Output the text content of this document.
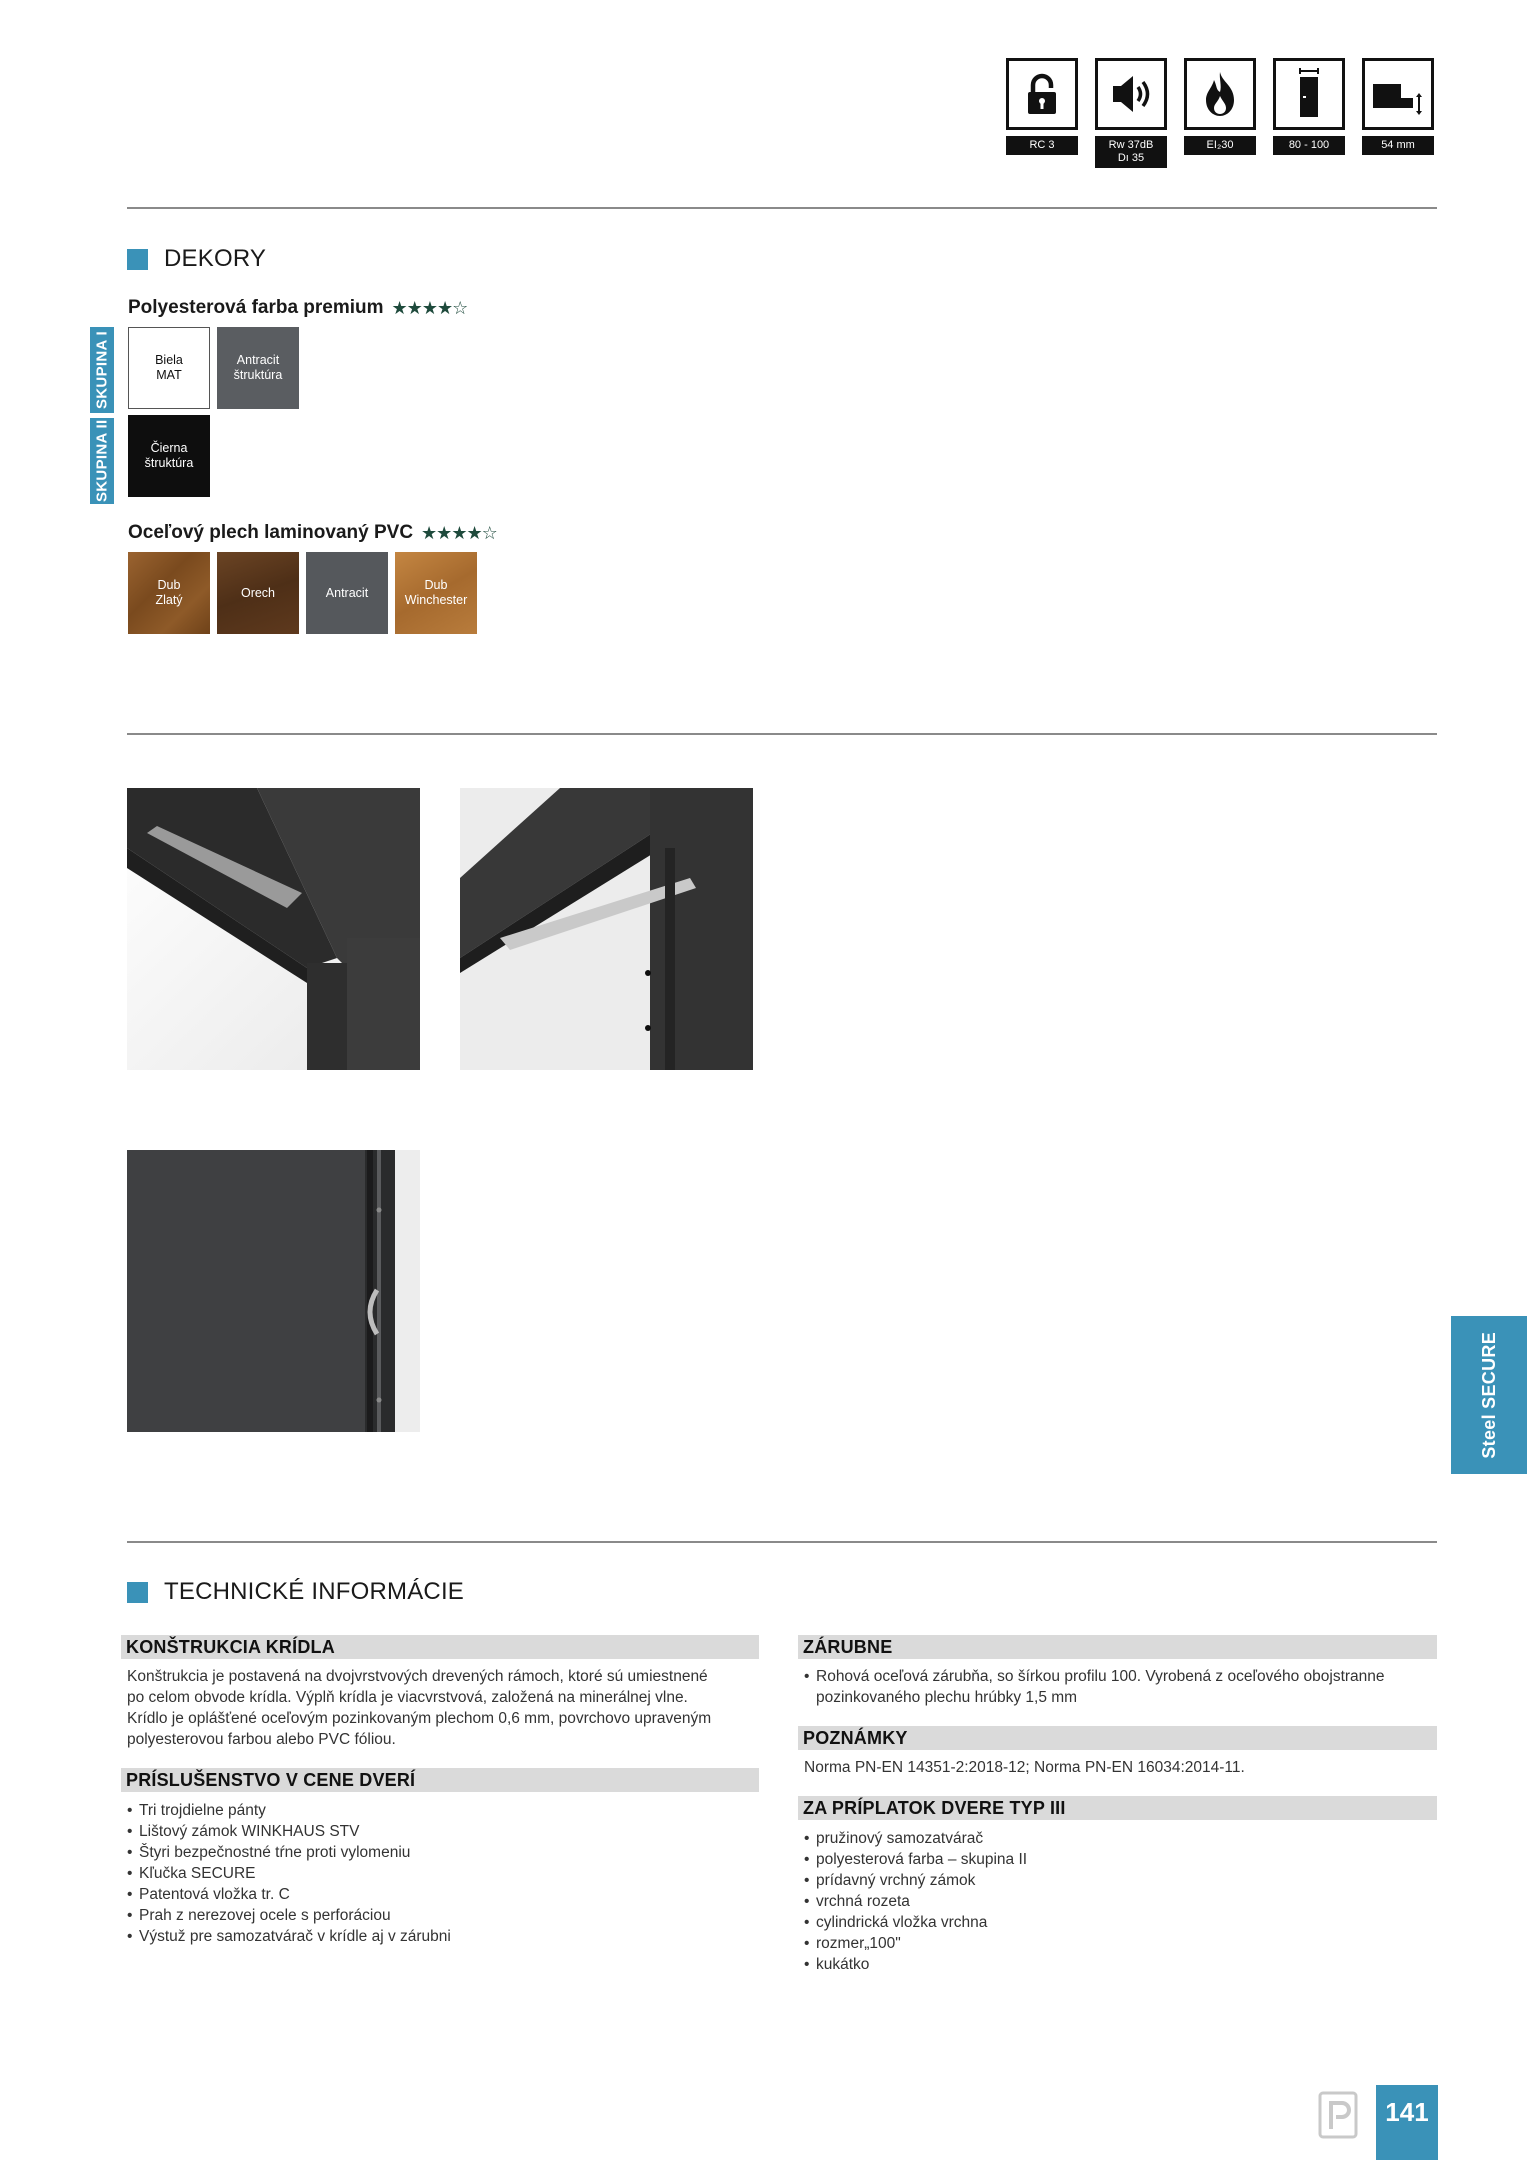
RC 3	Rw 37dB
Dı 35
EI₂30	80 - 100	54 mm
DEKORY
Polyesterová farba premium ★★★★☆
SKUPINA I
SKUPINA II
Biela
MAT
Antracit
štruktúra
Čierna
štruktúra
Oceľový plech laminovaný PVC ★★★★☆
Dub
Zlatý
Orech	Antracit
Dub
Winchester
Steel SECURE
TECHNICKÉ INFORMÁCIE
KONŠTRUKCIA KRÍDLA
Konštrukcia je postavená na dvojvrstvových drevených rámoch, ktoré sú umiestnené
po celom obvode krídla. Výplň krídla je viacvrstvová, založená na minerálnej vlne.
Krídlo je oplášťené oceľovým pozinkovaným plechom 0,6 mm, povrchovo upraveným
polyesterovou farbou alebo PVC fóliou.
PRÍSLUŠENSTVO V CENE DVERÍ
• Tri trojdielne pánty
• Lištový zámok WINKHAUS STV
• Štyri bezpečnostné tŕne proti vylomeniu
• Kľučka SECURE
• Patentová vložka tr. C
• Prah z nerezovej ocele s perforáciou
• Výstuž pre samozatvárač v krídle aj v zárubni
ZÁRUBNE
• Rohová oceľová zárubňa, so šírkou profilu 100. Vyrobená z oceľového obojstranne
pozinkovaného plechu hrúbky 1,5 mm
POZNÁMKY
Norma PN-EN 14351-2:2018-12; Norma PN-EN 16034:2014-11.
ZA PRÍPLATOK DVERE TYP III
• pružinový samozatvárač
• polyesterová farba – skupina II
• prídavný vrchný zámok
• vrchná rozeta
• cylindrická vložka vrchna
• rozmer„100"
• kukátko
141
